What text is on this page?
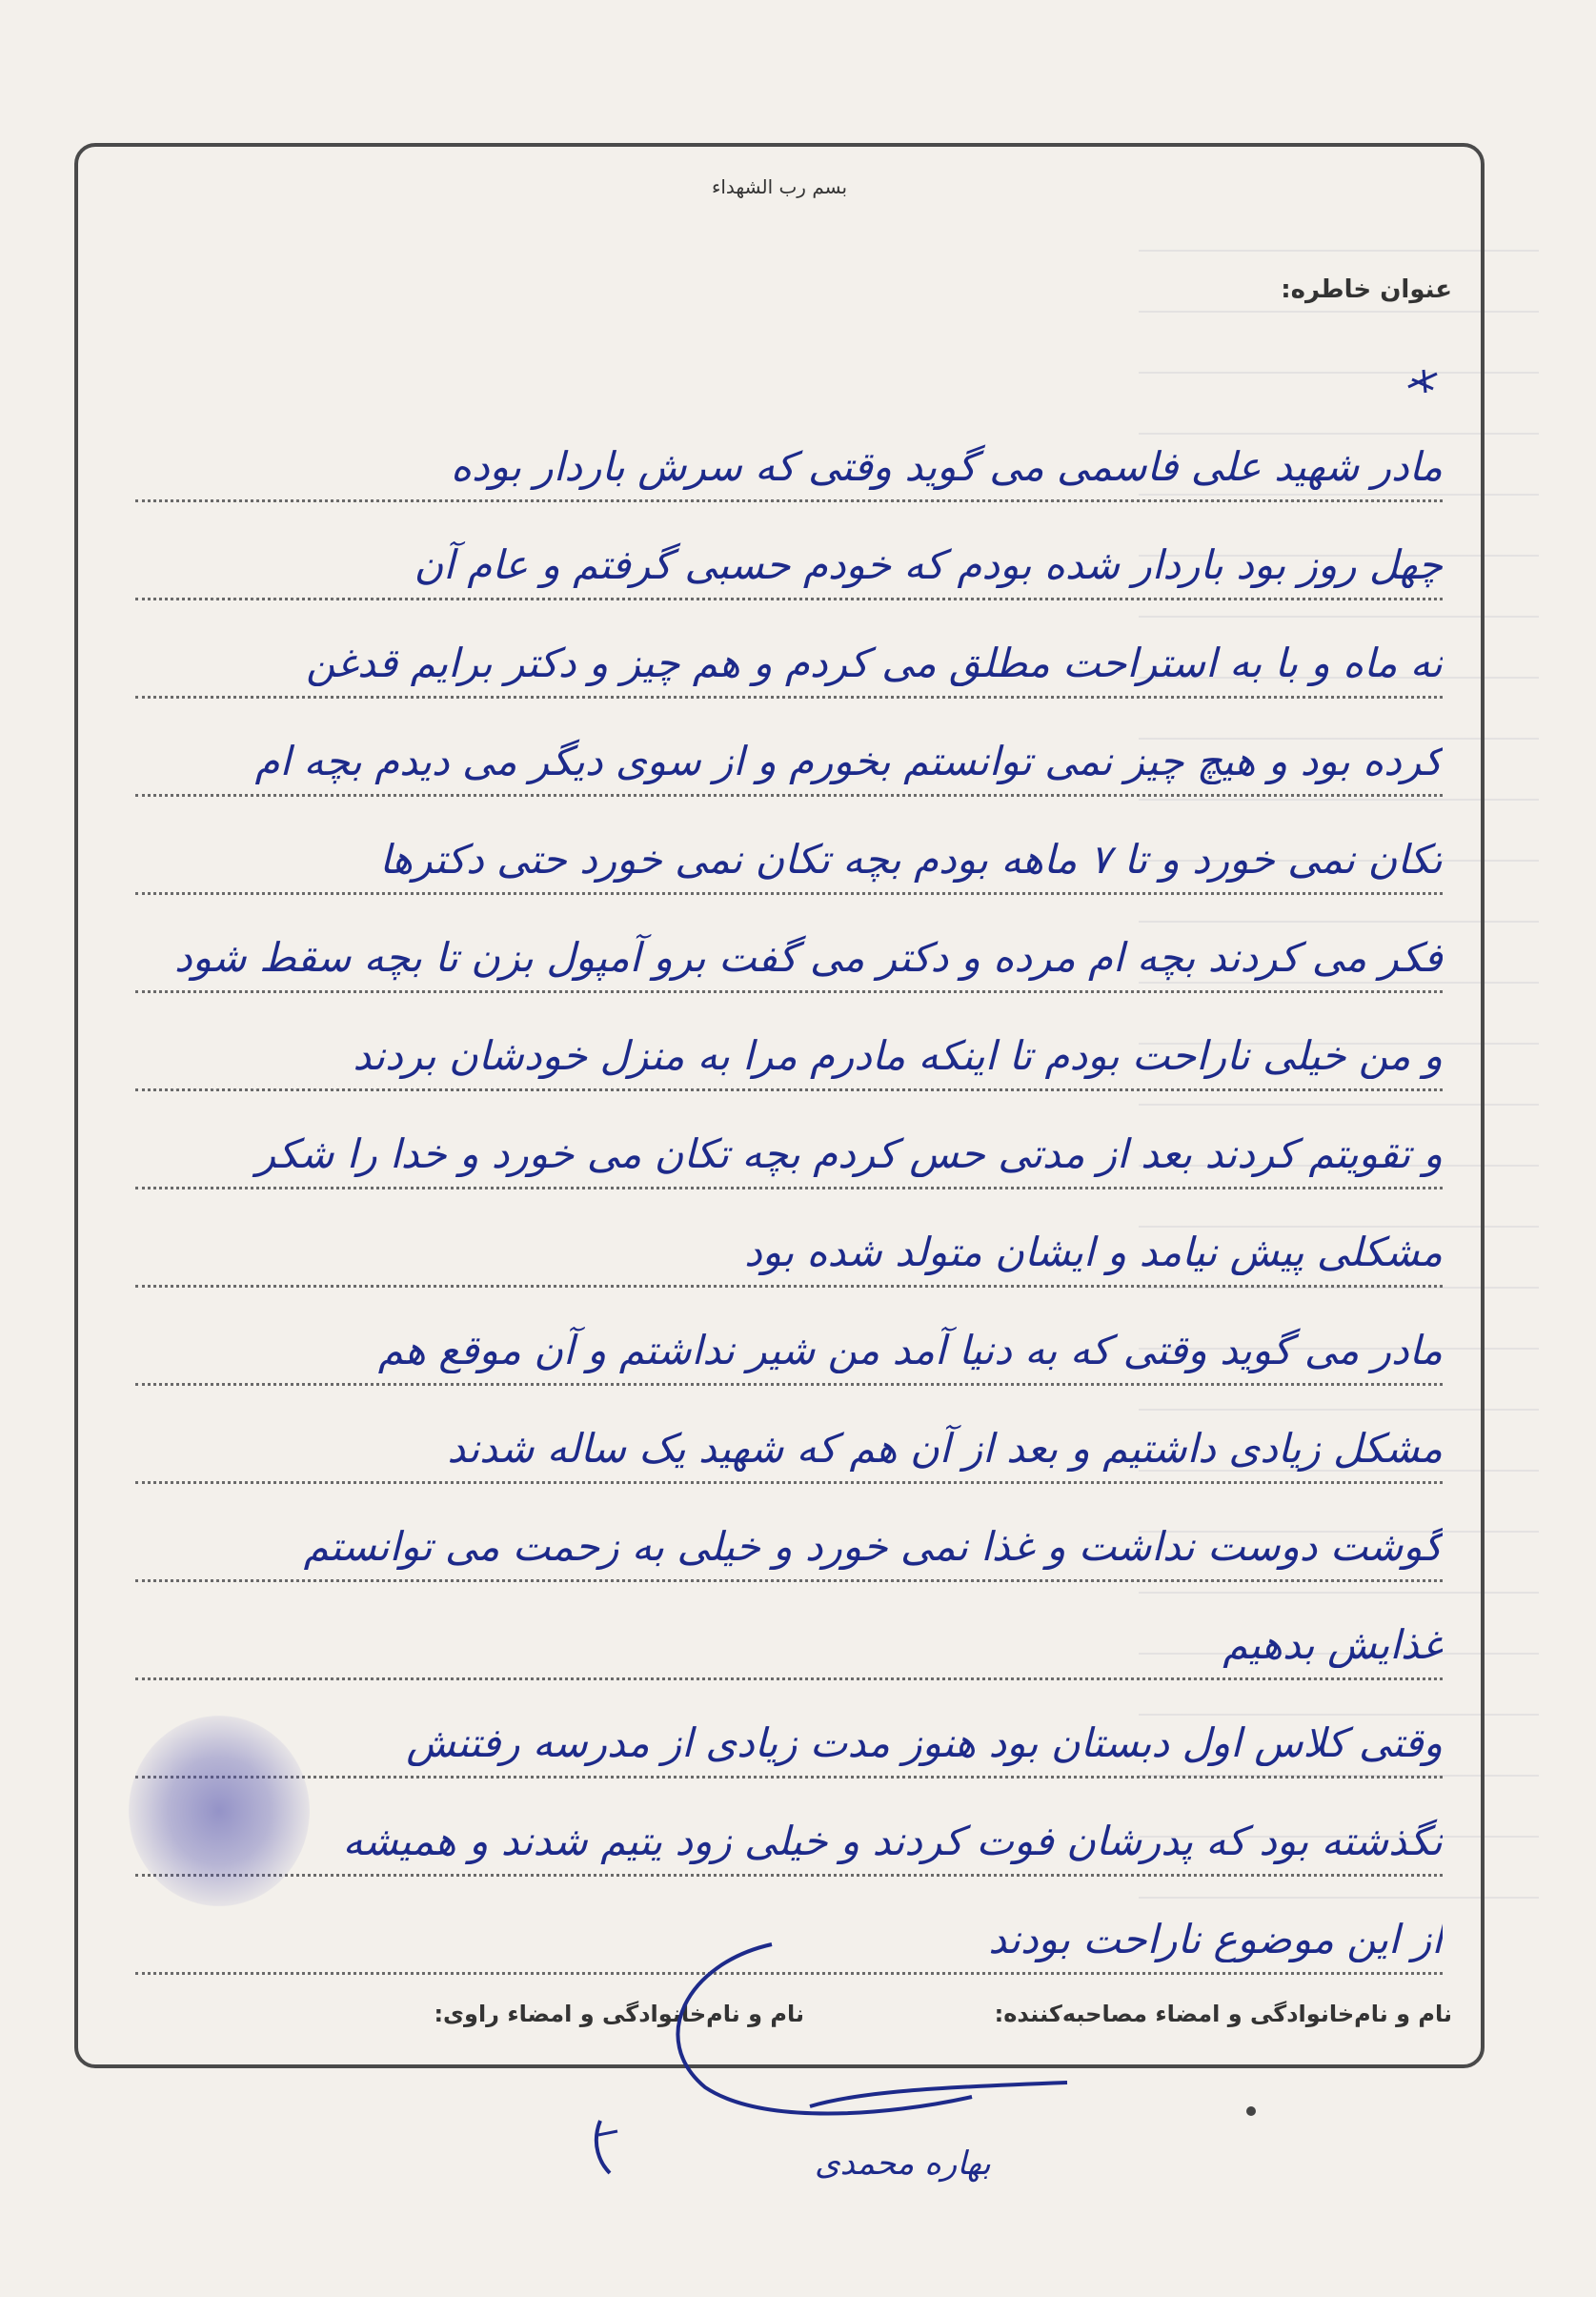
بسم رب الشهداء
عنوان خاطره:
مادر شهید علی فاسمی می گوید وقتی که سرش باردار بوده
چهل روز بود باردار شده بودم که خودم حسبی گرفتم و عام آن
نه ماه و با به استراحت مطلق می کردم و هم چیز و دکتر برایم قدغن
کرده بود و هیچ چیز نمی توانستم بخورم و از سوی دیگر می دیدم بچه ام
تکان نمی خورد و تا ۷ ماهه بودم بچه تکان نمی خورد حتی دکترها
فکر می کردند بچه ام مرده و دکتر می گفت برو آمپول بزن تا بچه سقط شود
و من خیلی ناراحت بودم تا اینکه مادرم مرا به منزل خودشان بردند
و تقویتم کردند بعد از مدتی حس کردم بچه تکان می خورد و خدا را شکر
مشکلی پیش نیامد و ایشان متولد شده بود
مادر می گوید وقتی که به دنیا آمد من شیر نداشتم و آن موقع هم
مشکل زیادی داشتیم و بعد از آن هم که شهید یک ساله شدند
گوشت دوست نداشت و غذا نمی خورد و خیلی به زحمت می توانستم
غذایش بدهیم
وقتی کلاس اول دبستان بود هنوز مدت زیادی از مدرسه رفتنش
نگذشته بود که پدرشان فوت کردند و خیلی زود یتیم شدند و همیشه
از این موضوع ناراحت بودند
نام و نام‌خانوادگی و امضاء مصاحبه‌کننده:
نام و نام‌خانوادگی و امضاء راوی:
بهاره محمدی
